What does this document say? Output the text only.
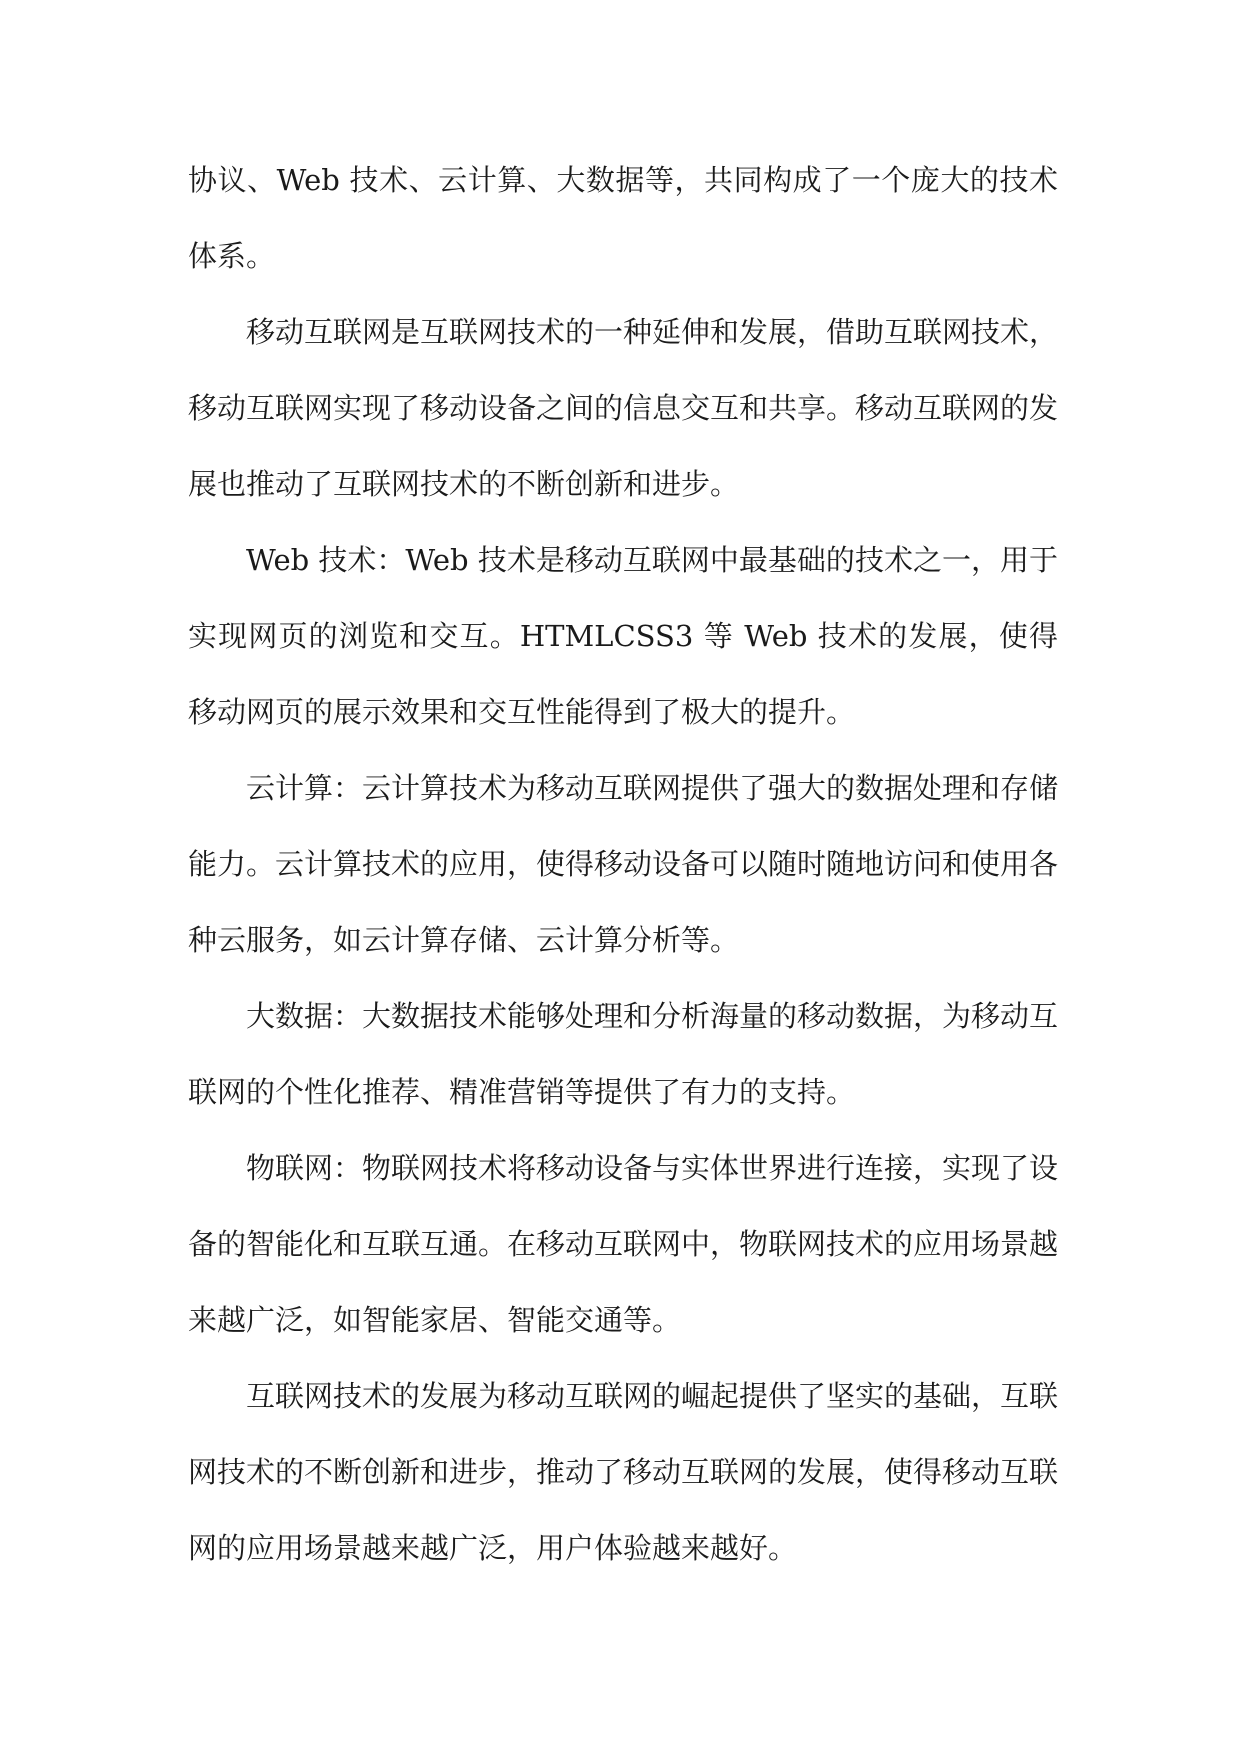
协议、Web 技术、云计算、大数据等，共同构成了一个庞大的技术体系。

移动互联网是互联网技术的一种延伸和发展，借助互联网技术，移动互联网实现了移动设备之间的信息交互和共享。移动互联网的发展也推动了互联网技术的不断创新和进步。

Web 技术：Web 技术是移动互联网中最基础的技术之一，用于实现网页的浏览和交互。HTMLCSS3 等 Web 技术的发展，使得移动网页的展示效果和交互性能得到了极大的提升。

云计算：云计算技术为移动互联网提供了强大的数据处理和存储能力。云计算技术的应用，使得移动设备可以随时随地访问和使用各种云服务，如云计算存储、云计算分析等。

大数据：大数据技术能够处理和分析海量的移动数据，为移动互联网的个性化推荐、精准营销等提供了有力的支持。

物联网：物联网技术将移动设备与实体世界进行连接，实现了设备的智能化和互联互通。在移动互联网中，物联网技术的应用场景越来越广泛，如智能家居、智能交通等。

互联网技术的发展为移动互联网的崛起提供了坚实的基础，互联网技术的不断创新和进步，推动了移动互联网的发展，使得移动互联网的应用场景越来越广泛，用户体验越来越好。
